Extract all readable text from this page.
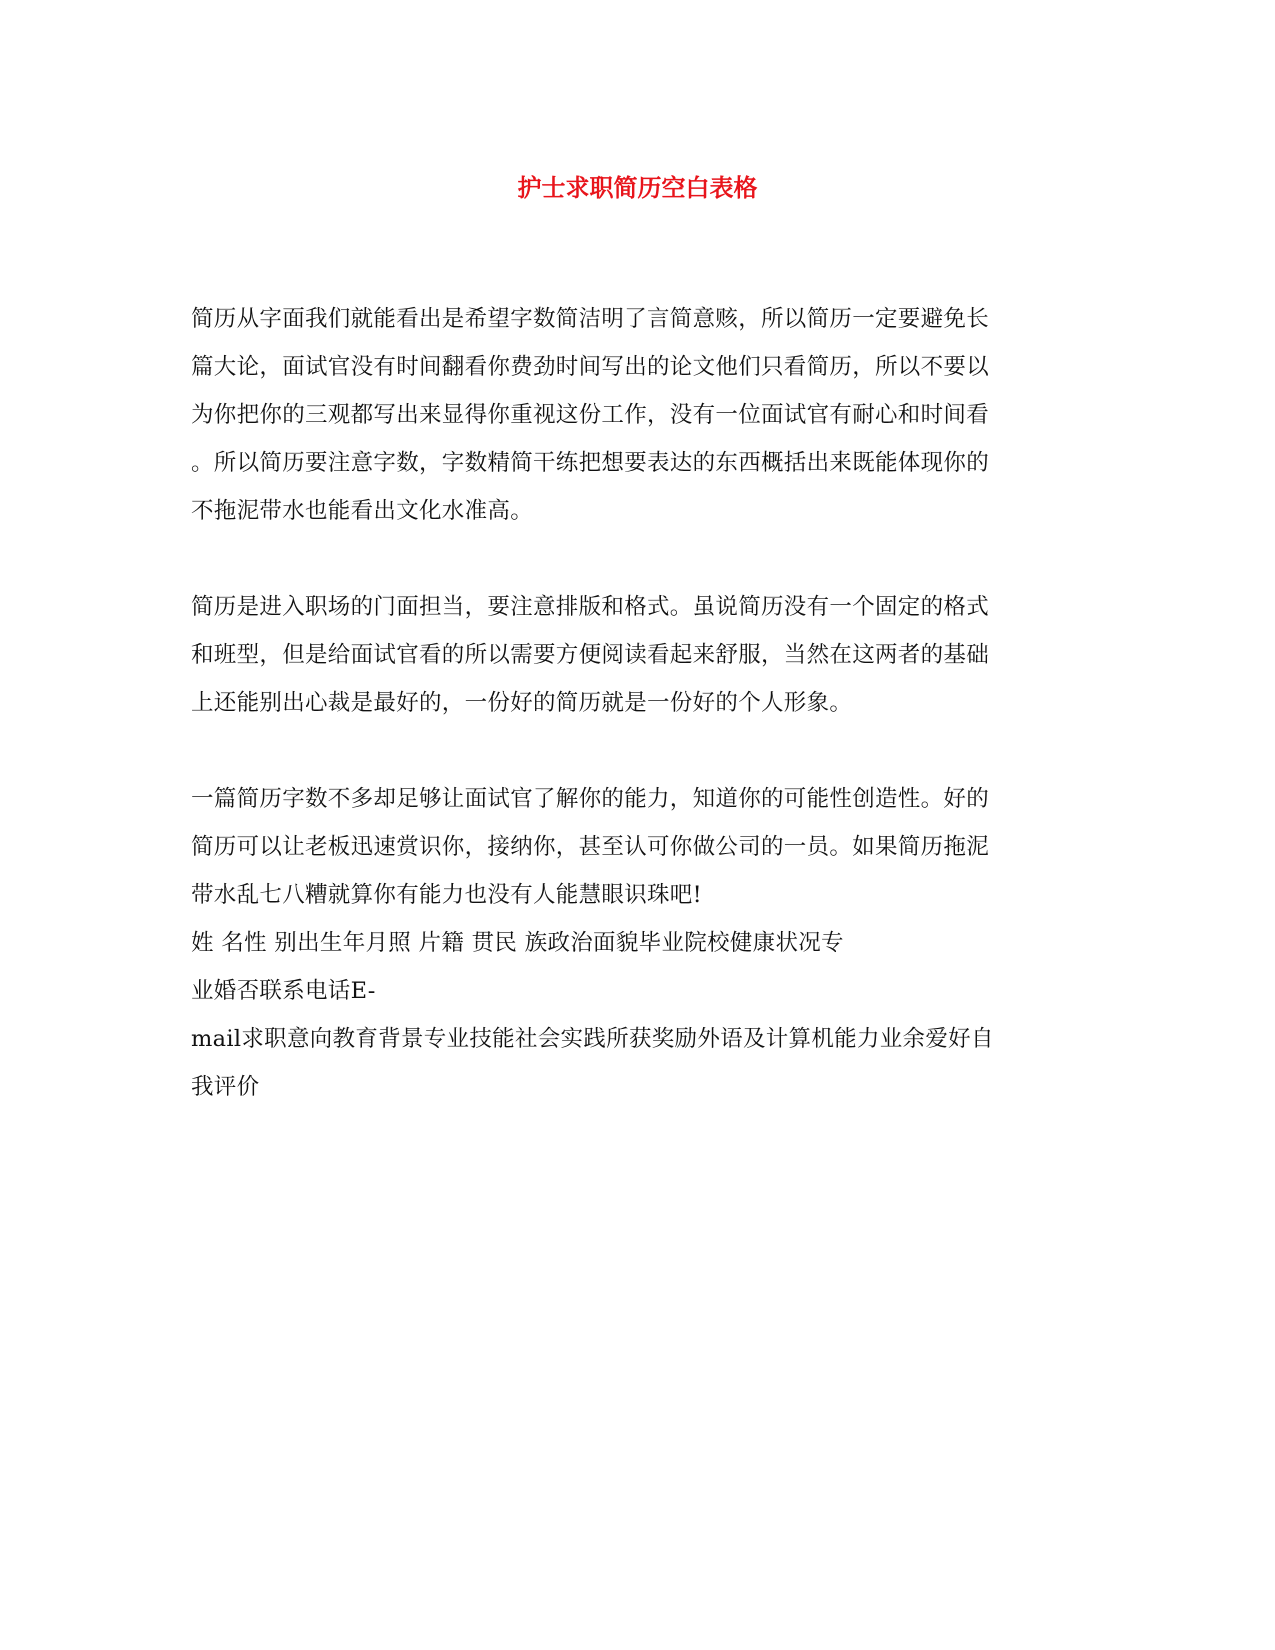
护士求职简历空白表格

简历从字面我们就能看出是希望字数简洁明了言简意赅，所以简历一定要避免长
篇大论，面试官没有时间翻看你费劲时间写出的论文他们只看简历，所以不要以
为你把你的三观都写出来显得你重视这份工作，没有一位面试官有耐心和时间看
。所以简历要注意字数，字数精简干练把想要表达的东西概括出来既能体现你的
不拖泥带水也能看出文化水准高。

简历是进入职场的门面担当，要注意排版和格式。虽说简历没有一个固定的格式
和班型，但是给面试官看的所以需要方便阅读看起来舒服，当然在这两者的基础
上还能别出心裁是最好的，一份好的简历就是一份好的个人形象。

一篇简历字数不多却足够让面试官了解你的能力，知道你的可能性创造性。好的
简历可以让老板迅速赏识你，接纳你，甚至认可你做公司的一员。如果简历拖泥
带水乱七八糟就算你有能力也没有人能慧眼识珠吧!
姓 名性 别出生年月照 片籍 贯民 族政治面貌毕业院校健康状况专
业婚否联系电话E-
mail求职意向教育背景专业技能社会实践所获奖励外语及计算机能力业余爱好自
我评价
